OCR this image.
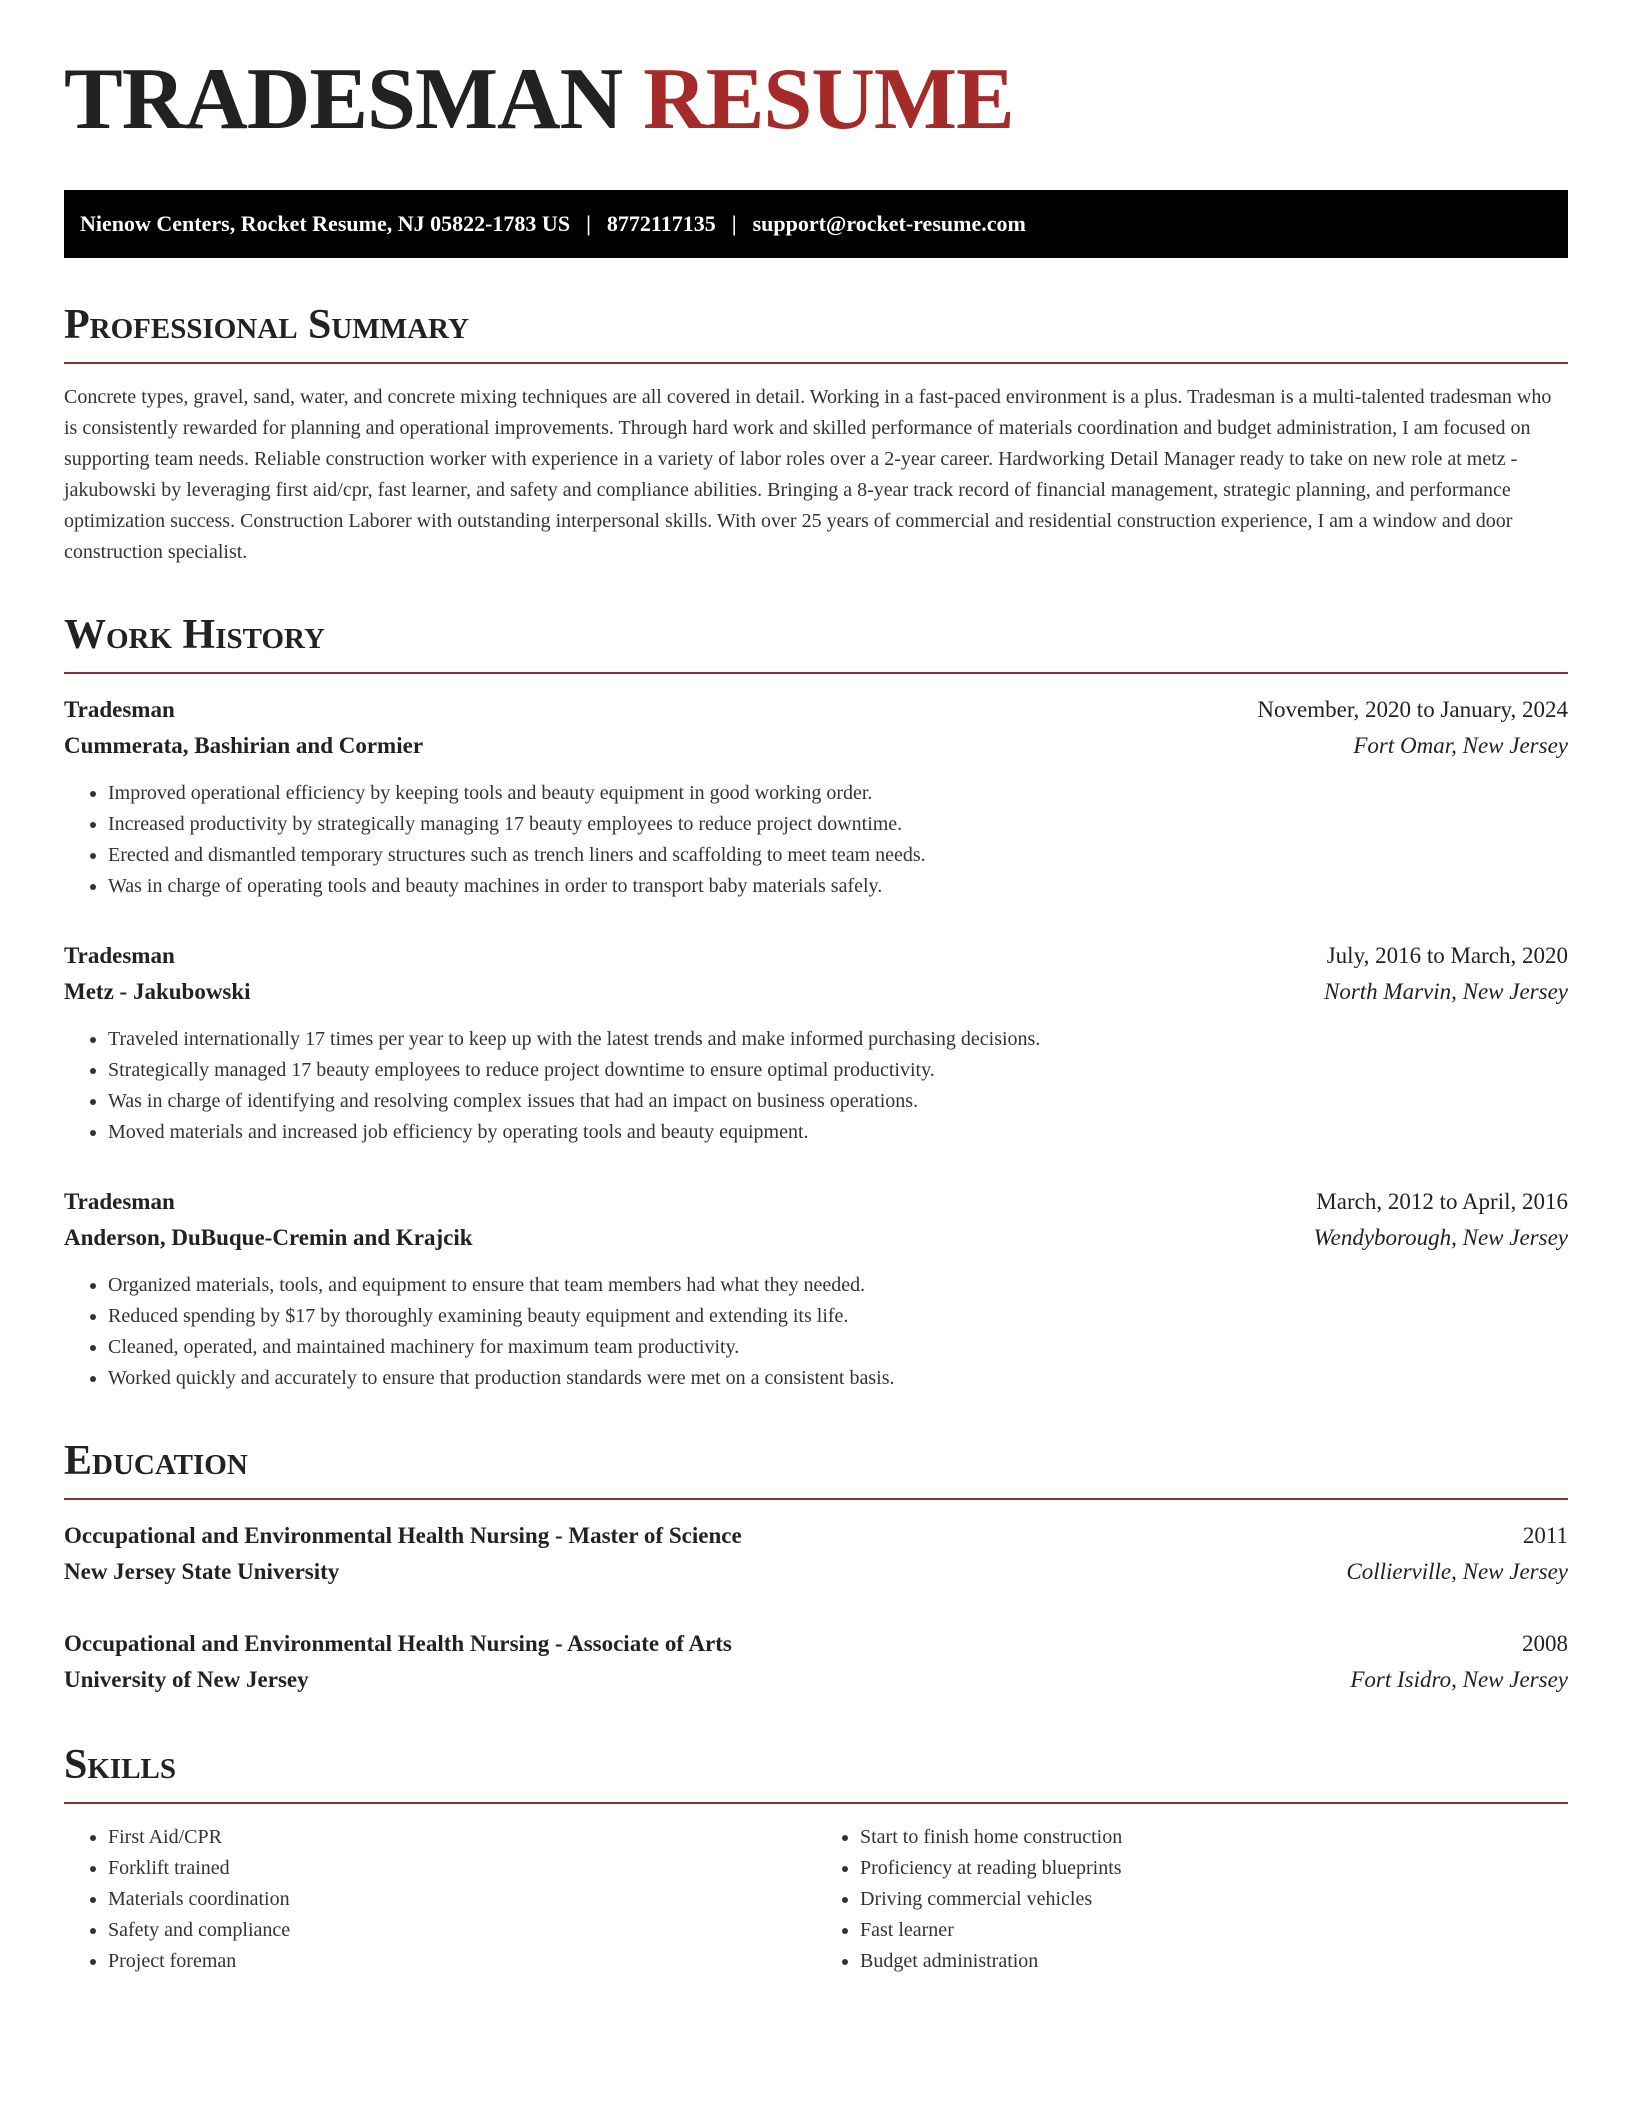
TRADESMAN RESUME
Nienow Centers, Rocket Resume, NJ 05822-1783 US | 8772117135 | support@rocket-resume.com
Professional Summary

Concrete types, gravel, sand, water, and concrete mixing techniques are all covered in detail. Working in a fast-paced environment is a plus. Tradesman is a multi-talented tradesman who is consistently rewarded for planning and operational improvements. Through hard work and skilled performance of materials coordination and budget administration, I am focused on supporting team needs. Reliable construction worker with experience in a variety of labor roles over a 2-year career. Hardworking Detail Manager ready to take on new role at metz - jakubowski by leveraging first aid/cpr, fast learner, and safety and compliance abilities. Bringing a 8-year track record of financial management, strategic planning, and performance optimization success. Construction Laborer with outstanding interpersonal skills. With over 25 years of commercial and residential construction experience, I am a window and door construction specialist.

Work History
Tradesman	November, 2020 to January, 2024
Cummerata, Bashirian and Cormier	Fort Omar, New Jersey
• Improved operational efficiency by keeping tools and beauty equipment in good working order.
• Increased productivity by strategically managing 17 beauty employees to reduce project downtime.
• Erected and dismantled temporary structures such as trench liners and scaffolding to meet team needs.
• Was in charge of operating tools and beauty machines in order to transport baby materials safely.
Tradesman	July, 2016 to March, 2020
Metz - Jakubowski	North Marvin, New Jersey
• Traveled internationally 17 times per year to keep up with the latest trends and make informed purchasing decisions.
• Strategically managed 17 beauty employees to reduce project downtime to ensure optimal productivity.
• Was in charge of identifying and resolving complex issues that had an impact on business operations.
• Moved materials and increased job efficiency by operating tools and beauty equipment.
Tradesman	March, 2012 to April, 2016
Anderson, DuBuque-Cremin and Krajcik	Wendyborough, New Jersey
• Organized materials, tools, and equipment to ensure that team members had what they needed.
• Reduced spending by $17 by thoroughly examining beauty equipment and extending its life.
• Cleaned, operated, and maintained machinery for maximum team productivity.
• Worked quickly and accurately to ensure that production standards were met on a consistent basis.
Education
Occupational and Environmental Health Nursing - Master of Science	2011
New Jersey State University	Collierville, New Jersey
Occupational and Environmental Health Nursing - Associate of Arts	2008
University of New Jersey	Fort Isidro, New Jersey
Skills
• First Aid/CPR
• Forklift trained
• Materials coordination
• Safety and compliance
• Project foreman
• Start to finish home construction
• Proficiency at reading blueprints
• Driving commercial vehicles
• Fast learner
• Budget administration
